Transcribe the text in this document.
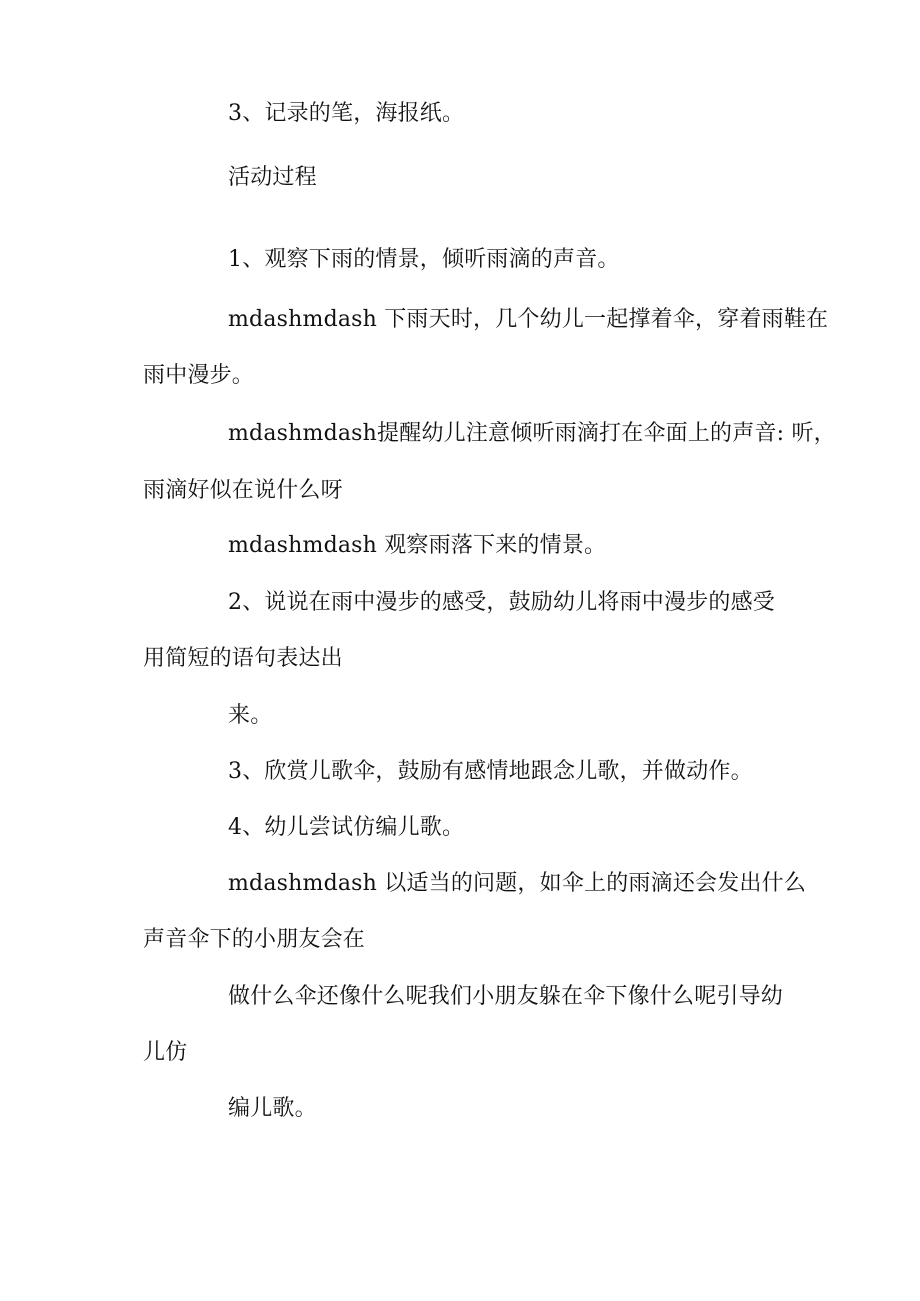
3、记录的笔，海报纸。

活动过程

1、观察下雨的情景，倾听雨滴的声音。

mdashmdash 下雨天时，几个幼儿一起撑着伞，穿着雨鞋在

雨中漫步。

mdashmdash提醒幼儿注意倾听雨滴打在伞面上的声音: 听，

雨滴好似在说什么呀

mdashmdash 观察雨落下来的情景。

2、说说在雨中漫步的感受，鼓励幼儿将雨中漫步的感受

用简短的语句表达出

来。

3、欣赏儿歌伞，鼓励有感情地跟念儿歌，并做动作。

4、幼儿尝试仿编儿歌。

mdashmdash 以适当的问题，如伞上的雨滴还会发出什么

声音伞下的小朋友会在

做什么伞还像什么呢我们小朋友躲在伞下像什么呢引导幼

儿仿

编儿歌。
